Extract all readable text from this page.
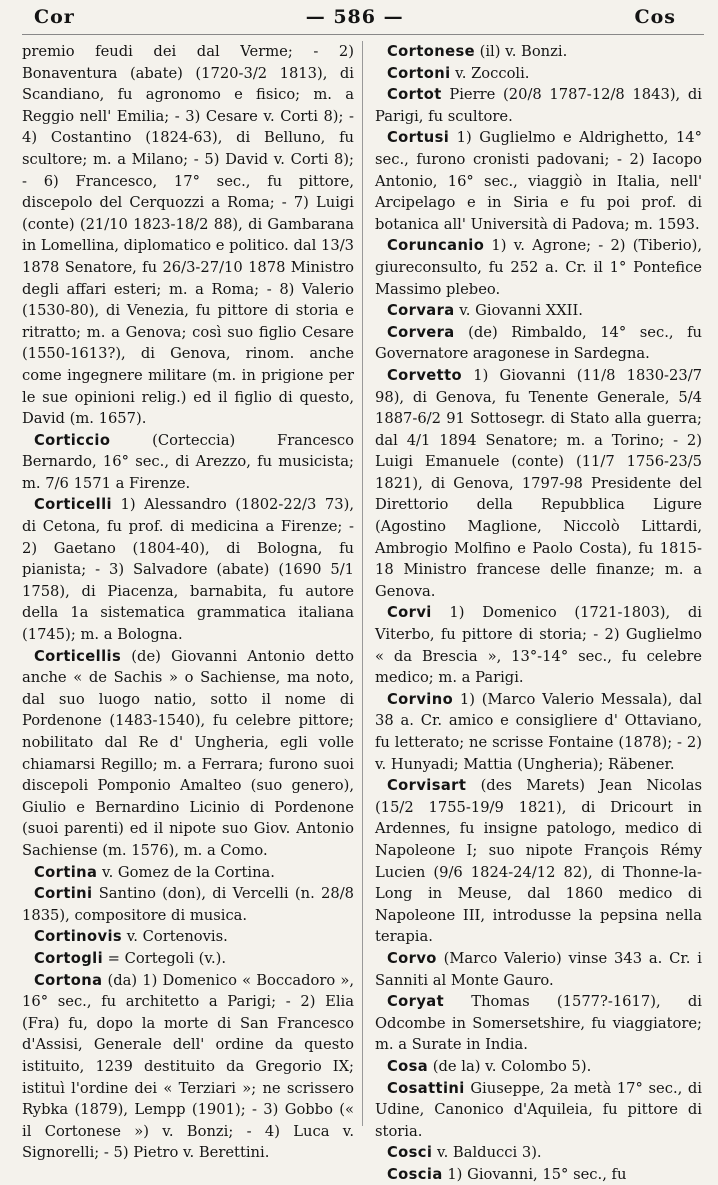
Cor	— 586 —	Cos

premio feudi dei dal Verme; - 2) Bonaventura (abate) (1720-3/2 1813), di Scandiano, fu agronomo e fisico; m. a Reggio nell' Emilia; - 3) Cesare v. Corti 8); - 4) Costantino (1824-63), di Belluno, fu scultore; m. a Milano; - 5) David v. Corti 8); - 6) Francesco, 17° sec., fu pittore, discepolo del Cerquozzi a Roma; - 7) Luigi (conte) (21/10 1823-18/2 88), di Gambarana in Lomellina, diplomatico e politico. dal 13/3 1878 Senatore, fu 26/3-27/10 1878 Ministro degli affari esteri; m. a Roma; - 8) Valerio (1530-80), di Venezia, fu pittore di storia e ritratto; m. a Genova; così suo figlio Cesare (1550-1613?), di Genova, rinom. anche come ingegnere militare (m. in prigione per le sue opinioni relig.) ed il figlio di questo, David (m. 1657).

Corticcio (Corteccia) Francesco Bernardo, 16° sec., di Arezzo, fu musicista; m. 7/6 1571 a Firenze.

Corticelli 1) Alessandro (1802-22/3 73), di Cetona, fu prof. di medicina a Firenze; - 2) Gaetano (1804-40), di Bologna, fu pianista; - 3) Salvadore (abate) (1690 5/1 1758), di Piacenza, barnabita, fu autore della 1a sistematica grammatica italiana (1745); m. a Bologna.

Corticellis (de) Giovanni Antonio detto anche « de Sachis » o Sachiense, ma noto, dal suo luogo natio, sotto il nome di Pordenone (1483-1540), fu celebre pittore; nobilitato dal Re d' Ungheria, egli volle chiamarsi Regillo; m. a Ferrara; furono suoi discepoli Pomponio Amalteo (suo genero), Giulio e Bernardino Licinio di Pordenone (suoi parenti) ed il nipote suo Giov. Antonio Sachiense (m. 1576), m. a Como.

Cortina v. Gomez de la Cortina.

Cortini Santino (don), di Vercelli (n. 28/8 1835), compositore di musica.

Cortinovis v. Cortenovis.

Cortogli = Cortegoli (v.).

Cortona (da) 1) Domenico « Boccadoro », 16° sec., fu architetto a Parigi; - 2) Elia (Fra) fu, dopo la morte di San Francesco d'Assisi, Generale dell' ordine da questo istituito, 1239 destituito da Gregorio IX; istituì l'ordine dei « Terziari »; ne scrissero Rybka (1879), Lempp (1901); - 3) Gobbo (« il Cortonese ») v. Bonzi; - 4) Luca v. Signorelli; - 5) Pietro v. Berettini.

Cortonese (il) v. Bonzi.

Cortoni v. Zoccoli.

Cortot Pierre (20/8 1787-12/8 1843), di Parigi, fu scultore.

Cortusi 1) Guglielmo e Aldrighetto, 14° sec., furono cronisti padovani; - 2) Iacopo Antonio, 16° sec., viaggiò in Italia, nell' Arcipelago e in Siria e fu poi prof. di botanica all' Università di Padova; m. 1593.

Coruncanio 1) v. Agrone; - 2) (Tiberio), giureconsulto, fu 252 a. Cr. il 1° Pontefice Massimo plebeo.

Corvara v. Giovanni XXII.

Corvera (de) Rimbaldo, 14° sec., fu Governatore aragonese in Sardegna.

Corvetto 1) Giovanni (11/8 1830-23/7 98), di Genova, fu Tenente Generale, 5/4 1887-6/2 91 Sottosegr. di Stato alla guerra; dal 4/1 1894 Senatore; m. a Torino; - 2) Luigi Emanuele (conte) (11/7 1756-23/5 1821), di Genova, 1797-98 Presidente del Direttorio della Repubblica Ligure (Agostino Maglione, Niccolò Littardi, Ambrogio Molfino e Paolo Costa), fu 1815-18 Ministro francese delle finanze; m. a Genova.

Corvi 1) Domenico (1721-1803), di Viterbo, fu pittore di storia; - 2) Guglielmo « da Brescia », 13°-14° sec., fu celebre medico; m. a Parigi.

Corvino 1) (Marco Valerio Messala), dal 38 a. Cr. amico e consigliere d' Ottaviano, fu letterato; ne scrisse Fontaine (1878); - 2) v. Hunyadi; Mattia (Ungheria); Räbener.

Corvisart (des Marets) Jean Nicolas (15/2 1755-19/9 1821), di Dricourt in Ardennes, fu insigne patologo, medico di Napoleone I; suo nipote François Rémy Lucien (9/6 1824-24/12 82), di Thonne-la-Long in Meuse, dal 1860 medico di Napoleone III, introdusse la pepsina nella terapia.

Corvo (Marco Valerio) vinse 343 a. Cr. i Sanniti al Monte Gauro.

Coryat Thomas (1577?-1617), di Odcombe in Somersetshire, fu viaggiatore; m. a Surate in India.

Cosa (de la) v. Colombo 5).

Cosattini Giuseppe, 2a metà 17° sec., di Udine, Canonico d'Aquileia, fu pittore di storia.

Cosci v. Balducci 3).

Coscia 1) Giovanni, 15° sec., fu
